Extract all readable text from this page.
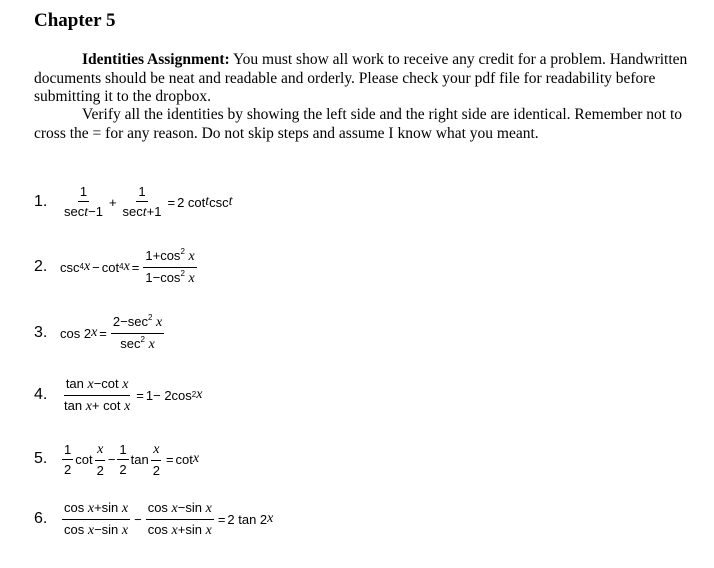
Chapter 5
Identities Assignment: You must show all work to receive any credit for a problem. Handwritten documents should be neat and readable and orderly. Please check your pdf file for readability before submitting it to the dropbox.
Verify all the identities by showing the left side and the right side are identical. Remember not to cross the = for any reason. Do not skip steps and assume I know what you meant.
1.	$\frac{1}{\sec t-1} + \frac{1}{\sec t+1} = 2$ cot t csc t
2. csc 4 x − cot 4 $x = \frac{1+\cos^2 x}{1-\cos^2 x}$
3. cos 2 $x = \frac{2-\sec^2 x}{\sec^2 x}$
4.	$\frac{\text{tan x−cot x}}{\text{tan x+ cot x}} = 1- 2\cos$ 2 x
5.	$\frac{1}{2}$ $\cot \frac{x}{2} - \frac{1}{2}$ $\tan \frac{x}{2} = \cot x$
6.	$\frac{\text{cos x+sin x}}{\text{cos x−sin x}} - \frac{\text{cos x−sin x}}{\text{cos x+sin x}} = 2$ tan 2 x
